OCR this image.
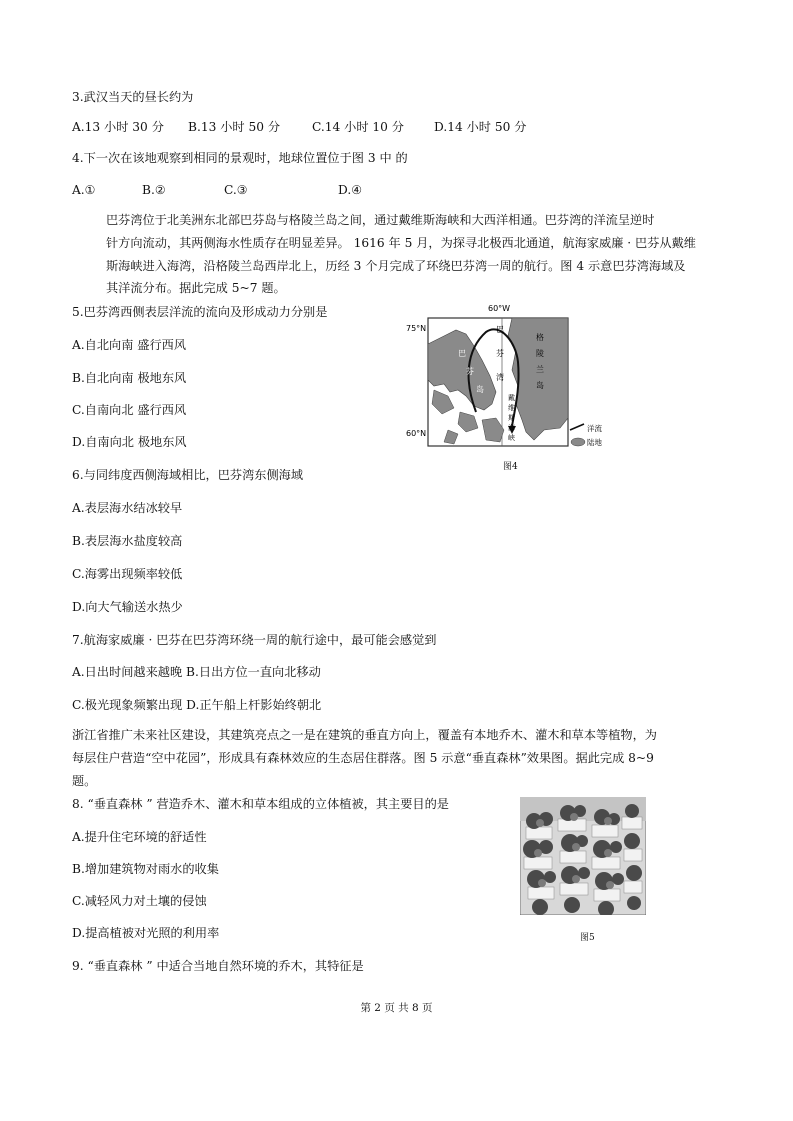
3.武汉当天的昼长约为
A.13 小时 30 分 B.13 小时 50 分	C.14 小时 10 分 D.14 小时 50 分
4.下一次在该地观察到相同的景观时，地球位置位于图 3 中 的
A.①	B.②	C.③	D.④
巴芬湾位于北美洲东北部巴芬岛与格陵兰岛之间，通过戴维斯海峡和大西洋相通。巴芬湾的洋流呈逆时
针方向流动，其两侧海水性质存在明显差异。 1616 年 5 月，为探寻北极西北通道，航海家威廉 · 巴芬从戴维
斯海峡进入海湾，沿格陵兰岛西岸北上，历经 3 个月完成了环绕巴芬湾一周的航行。图 4 示意巴芬湾海域及
其洋流分布。据此完成 5~7 题。
5.巴芬湾西侧表层洋流的流向及形成动力分别是
A.自北向南 盛行西风
B.自北向南 极地东风
C.自南向北 盛行西风
D.自南向北 极地东风
60°W
75°N
60°N
巴
芬
湾
巴
芬
岛
格
陵
兰
岛
戴
维
斯
海
峡
洋流
陆地
图4
6.与同纬度西侧海域相比，巴芬湾东侧海域
A.表层海水结冰较早
B.表层海水盐度较高
C.海雾出现频率较低
D.向大气输送水热少
7.航海家威廉 · 巴芬在巴芬湾环绕一周的航行途中，最可能会感觉到
A.日出时间越来越晚 B.日出方位一直向北移动
C.极光现象频繁出现 D.正午船上杆影始终朝北
浙江省推广未来社区建设，其建筑亮点之一是在建筑的垂直方向上，覆盖有本地乔木、灌木和草本等植物，为
每层住户营造“空中花园”，形成具有森林效应的生态居住群落。图 5 示意“垂直森林”效果图。据此完成 8~9
题。
8. “垂直森林 ” 营造乔木、灌木和草本组成的立体植被，其主要目的是
A.提升住宅环境的舒适性
B.增加建筑物对雨水的收集
C.减轻风力对土壤的侵蚀
D.提高植被对光照的利用率	图5
9. “垂直森林 ” 中适合当地自然环境的乔木，其特征是
第 2 页 共 8 页
